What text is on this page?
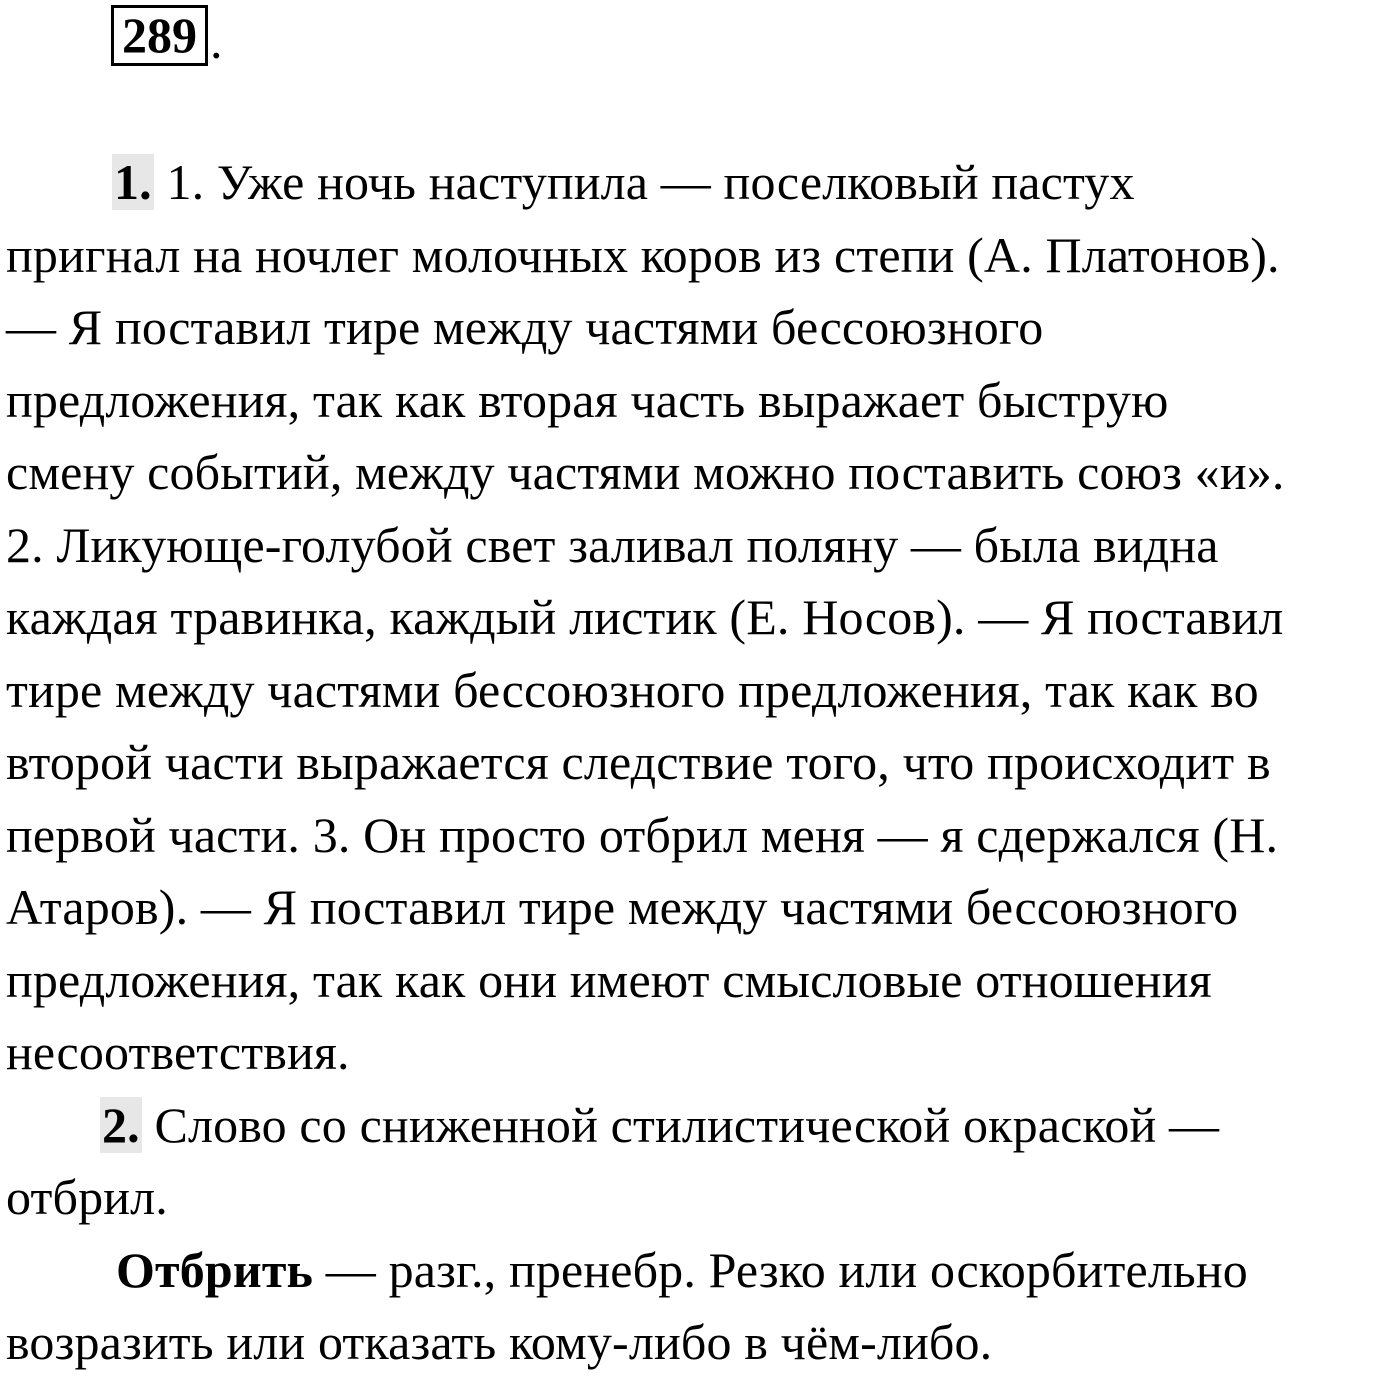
289 .
1. 1. Уже ночь наступила — поселковый пастух
пригнал на ночлег молочных коров из степи (А. Платонов).
— Я поставил тире между частями бессоюзного
предложения, так как вторая часть выражает быструю
смену событий, между частями можно поставить союз «и».
2. Ликующе-голубой свет заливал поляну — была видна
каждая травинка, каждый листик (Е. Носов). — Я поставил
тире между частями бессоюзного предложения, так как во
второй части выражается следствие того, что происходит в
первой части. 3. Он просто отбрил меня — я сдержался (Н.
Атаров). — Я поставил тире между частями бессоюзного
предложения, так как они имеют смысловые отношения
несоответствия.
2. Слово со сниженной стилистической окраской —
отбрил.
Отбрить — разг., пренебр. Резко или оскорбительно
возразить или отказать кому-либо в чём-либо.
